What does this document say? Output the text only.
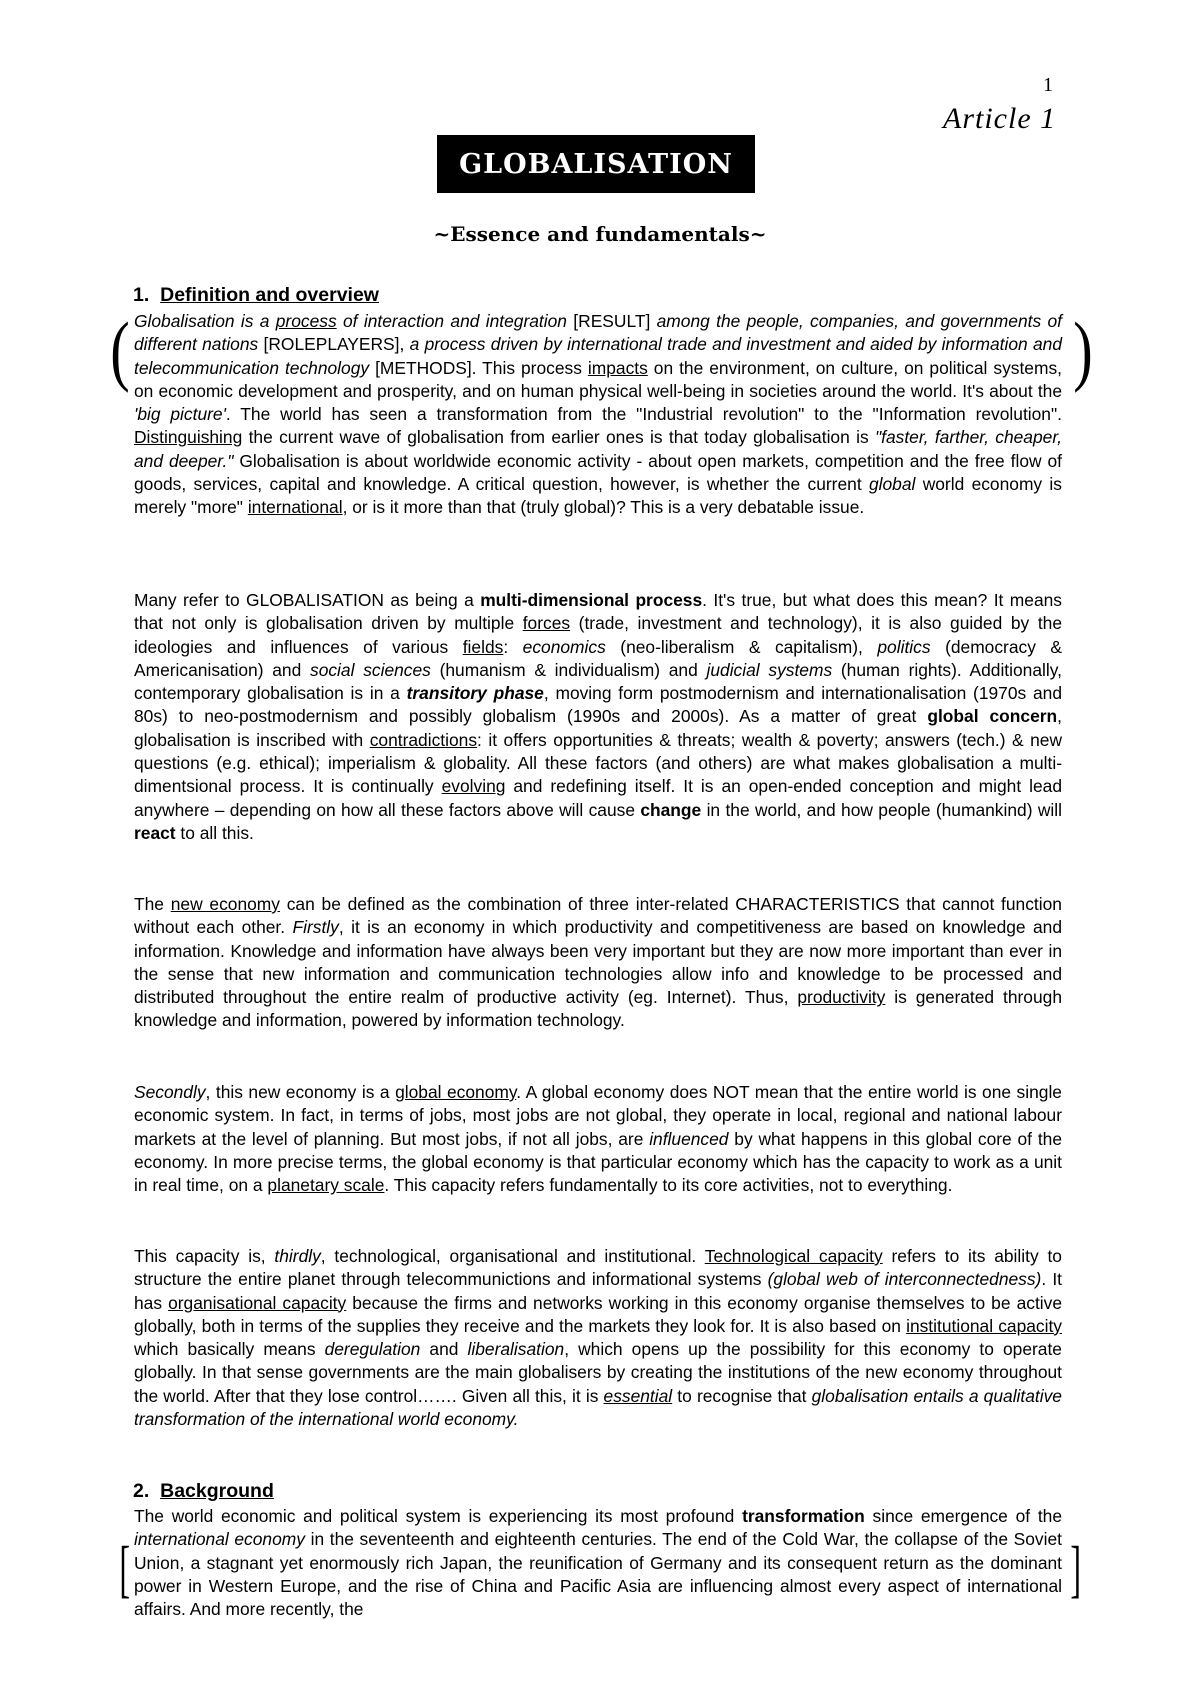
1
Article 1
GLOBALISATION
~Essence and fundamentals~
1. Definition and overview
(	)

Globalisation is a process of interaction and integration [RESULT] among the people, companies, and governments of different nations [ROLEPLAYERS], a process driven by international trade and investment and aided by information and telecommunication technology [METHODS]. This process impacts on the environment, on culture, on political systems, on economic development and prosperity, and on human physical well-being in societies around the world. It's about the 'big picture'. The world has seen a transformation from the "Industrial revolution" to the "Information revolution". Distinguishing the current wave of globalisation from earlier ones is that today globalisation is "faster, farther, cheaper, and deeper." Globalisation is about worldwide economic activity - about open markets, competition and the free flow of goods, services, capital and knowledge. A critical question, however, is whether the current global world economy is merely "more" international, or is it more than that (truly global)? This is a very debatable issue.

Many refer to GLOBALISATION as being a multi-dimensional process. It's true, but what does this mean? It means that not only is globalisation driven by multiple forces (trade, investment and technology), it is also guided by the ideologies and influences of various fields: economics (neo-liberalism & capitalism), politics (democracy & Americanisation) and social sciences (humanism & individualism) and judicial systems (human rights). Additionally, contemporary globalisation is in a transitory phase, moving form postmodernism and internationalisation (1970s and 80s) to neo-postmodernism and possibly globalism (1990s and 2000s). As a matter of great global concern, globalisation is inscribed with contradictions: it offers opportunities & threats; wealth & poverty; answers (tech.) & new questions (e.g. ethical); imperialism & globality. All these factors (and others) are what makes globalisation a multi-dimentsional process. It is continually evolving and redefining itself. It is an open-ended conception and might lead anywhere – depending on how all these factors above will cause change in the world, and how people (humankind) will react to all this.

The new economy can be defined as the combination of three inter-related CHARACTERISTICS that cannot function without each other. Firstly, it is an economy in which productivity and competitiveness are based on knowledge and information. Knowledge and information have always been very important but they are now more important than ever in the sense that new information and communication technologies allow info and knowledge to be processed and distributed throughout the entire realm of productive activity (eg. Internet). Thus, productivity is generated through knowledge and information, powered by information technology.

Secondly, this new economy is a global economy. A global economy does NOT mean that the entire world is one single economic system. In fact, in terms of jobs, most jobs are not global, they operate in local, regional and national labour markets at the level of planning. But most jobs, if not all jobs, are influenced by what happens in this global core of the economy. In more precise terms, the global economy is that particular economy which has the capacity to work as a unit in real time, on a planetary scale. This capacity refers fundamentally to its core activities, not to everything.

This capacity is, thirdly, technological, organisational and institutional. Technological capacity refers to its ability to structure the entire planet through telecommunictions and informational systems (global web of interconnectedness). It has organisational capacity because the firms and networks working in this economy organise themselves to be active globally, both in terms of the supplies they receive and the markets they look for. It is also based on institutional capacity which basically means deregulation and liberalisation, which opens up the possibility for this economy to operate globally. In that sense governments are the main globalisers by creating the institutions of the new economy throughout the world. After that they lose control……. Given all this, it is essential to recognise that globalisation entails a qualitative transformation of the international world economy.

2. Background
[	]

The world economic and political system is experiencing its most profound transformation since emergence of the international economy in the seventeenth and eighteenth centuries. The end of the Cold War, the collapse of the Soviet Union, a stagnant yet enormously rich Japan, the reunification of Germany and its consequent return as the dominant power in Western Europe, and the rise of China and Pacific Asia are influencing almost every aspect of international affairs. And more recently, the
